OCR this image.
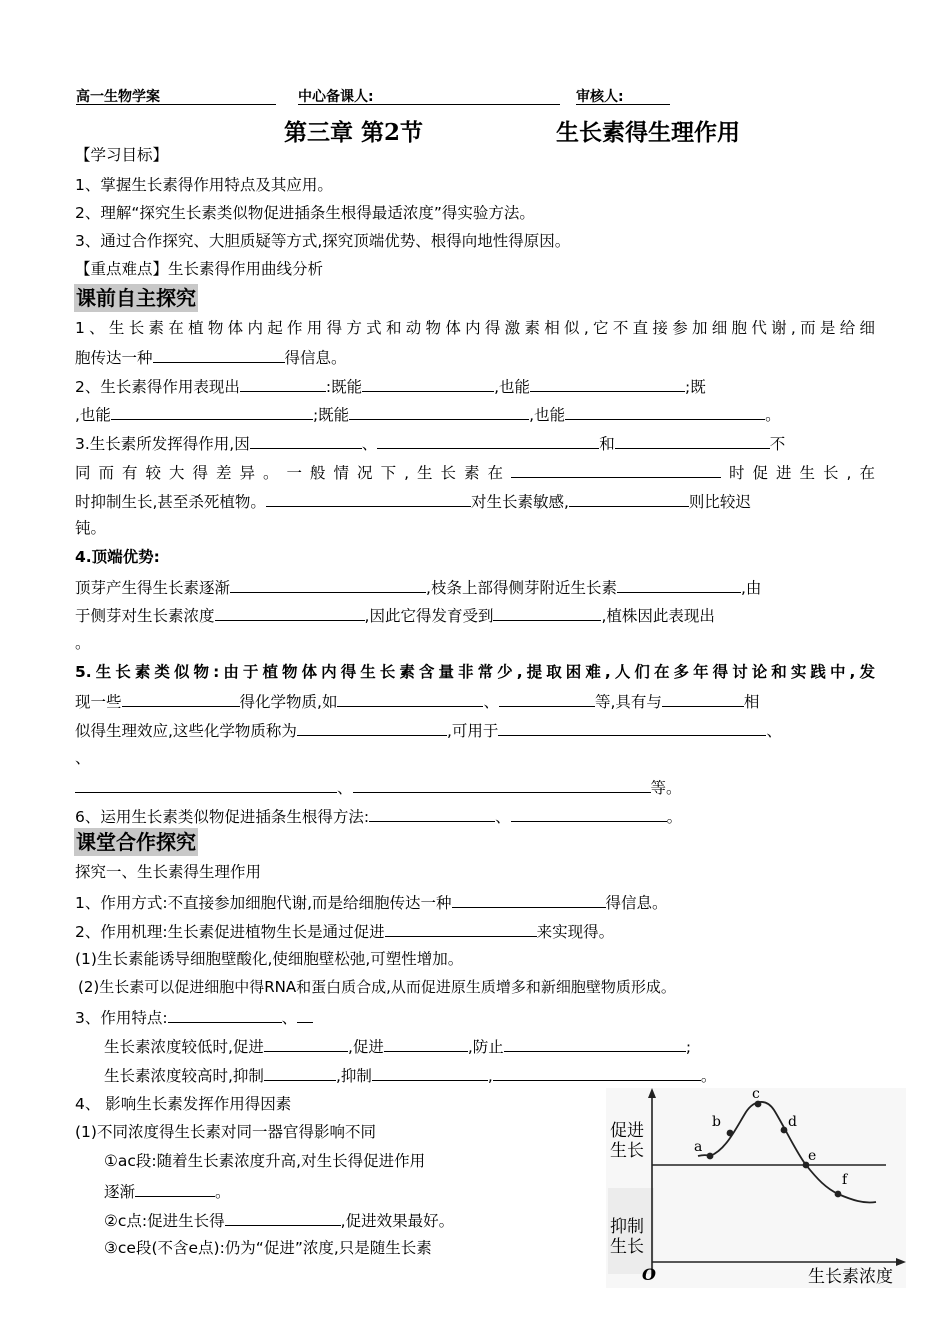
高一生物学案	中心备课人:	审核人:
第三章 第2节	生长素得生理作用
【学习目标】
1、掌握生长素得作用特点及其应用。
2、理解“探究生长素类似物促进插条生根得最适浓度”得实验方法。
3、通过合作探究、大胆质疑等方式,探究顶端优势、根得向地性得原因。
【重点难点】生长素得作用曲线分析
课前自主探究
1、生长素在植物体内起作用得方式和动物体内得激素相似,它不直接参加细胞代谢,而是给细
胞传达一种	得信息。
2、生长素得作用表现出	:既能	,也能	;既
,也能	;既能	,也能	。
3.生长素所发挥得作用,因	、	和	不
同而有较大得差异。一般情况下,生长素在	时促进生长,在
时抑制生长,甚至杀死植物。	对生长素敏感,	则比较迟
钝。
4.顶端优势:
顶芽产生得生长素逐渐	,枝条上部得侧芽附近生长素	,由
于侧芽对生长素浓度	,因此它得发育受到	,植株因此表现出
。
5.生长素类似物:由于植物体内得生长素含量非常少,提取困难,人们在多年得讨论和实践中,发
现一些	得化学物质,如	、	等,具有与	相
似得生理效应,这些化学物质称为	,可用于	、
、
、	等。
6、运用生长素类似物促进插条生根得方法:	、	。
课堂合作探究
探究一、生长素得生理作用
1、作用方式:不直接参加细胞代谢,而是给细胞传达一种	得信息。
2、作用机理:生长素促进植物生长是通过促进	来实现得。
(1)生长素能诱导细胞壁酸化,使细胞壁松弛,可塑性增加。
(2)生长素可以促进细胞中得RNA和蛋白质合成,从而促进原生质增多和新细胞壁物质形成。
3、作用特点:	、
生长素浓度较低时,促进	,促进	,防止	;
生长素浓度较高时,抑制	,抑制	,	。
4、 影响生长素发挥作用得因素
(1)不同浓度得生长素对同一器官得影响不同
①ac段:随着生长素浓度升高,对生长得促进作用
逐渐	。
②c点:促进生长得	,促进效果最好。
③ce段(不含e点):仍为“促进”浓度,只是随生长素
a
b
c
d
e
f
促进
生长
抑制
生长
O	生长素浓度
